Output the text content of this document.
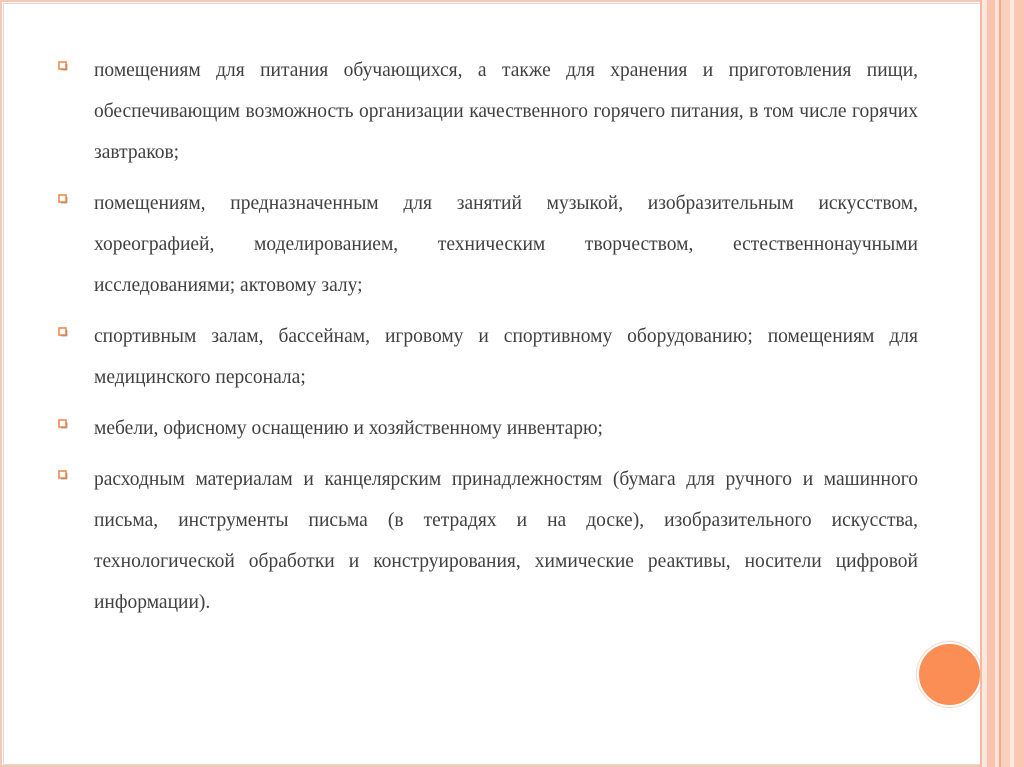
помещениям для питания обучающихся, а также для хранения и приготовления пищи, обеспечивающим возможность организации качественного горячего питания, в том числе горячих завтраков;
помещениям, предназначенным для занятий музыкой, изобразительным искусством, хореографией, моделированием, техническим творчеством, естественнонаучными исследованиями; актовому залу;
спортивным залам, бассейнам, игровому и спортивному оборудованию; помещениям для медицинского персонала;
мебели, офисному оснащению и хозяйственному инвентарю;
расходным материалам и канцелярским принадлежностям (бумага для ручного и машинного письма, инструменты письма (в тетрадях и на доске), изобразительного искусства, технологической обработки и конструирования, химические реактивы, носители цифровой информации).
